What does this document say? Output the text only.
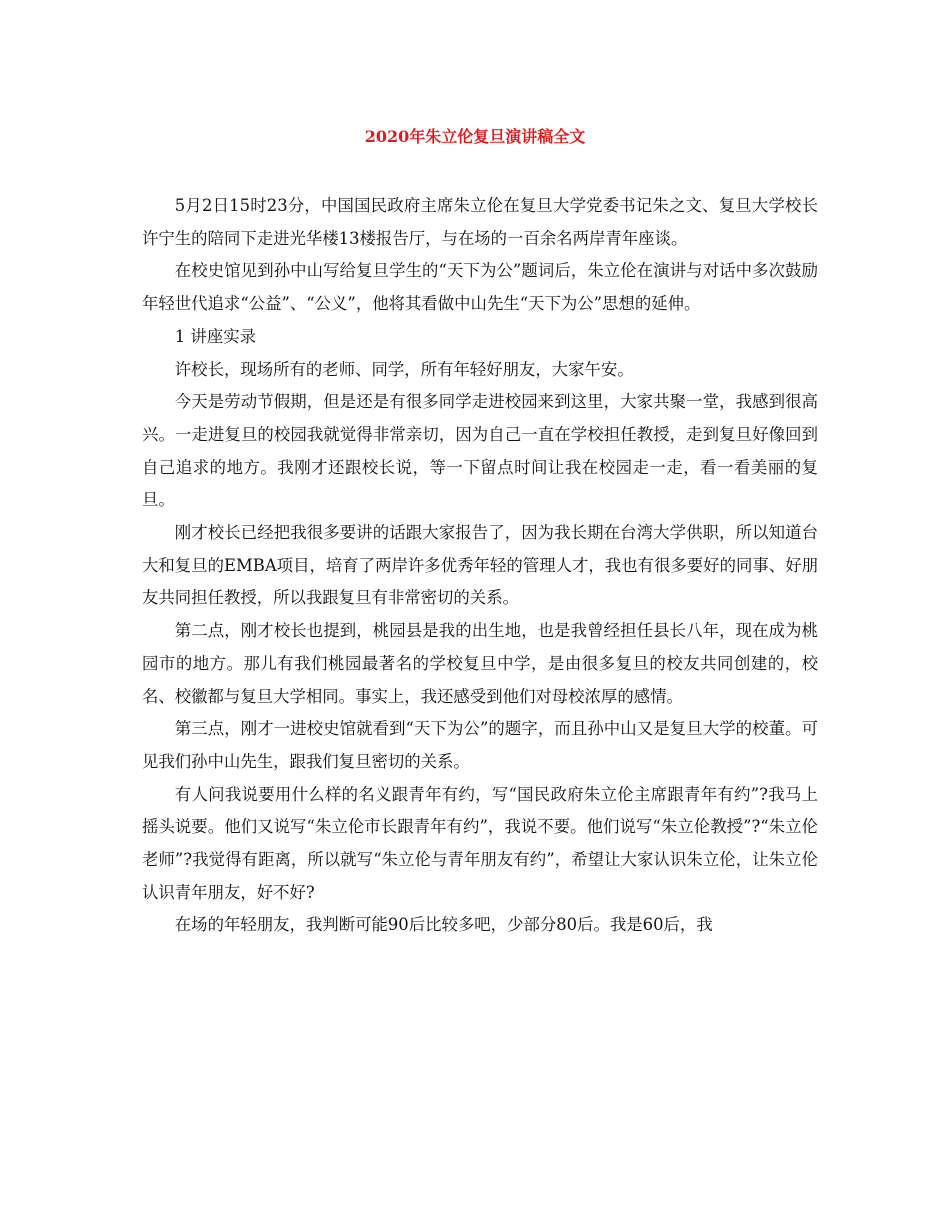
2020年朱立伦复旦演讲稿全文

5月2日15时23分，中国国民政府主席朱立伦在复旦大学党委书记朱之文、复旦大学校长许宁生的陪同下走进光华楼13楼报告厅，与在场的一百余名两岸青年座谈。

在校史馆见到孙中山写给复旦学生的“天下为公”题词后，朱立伦在演讲与对话中多次鼓励年轻世代追求“公益”、“公义”，他将其看做中山先生“天下为公”思想的延伸。

1 讲座实录

许校长，现场所有的老师、同学，所有年轻好朋友，大家午安。

今天是劳动节假期，但是还是有很多同学走进校园来到这里，大家共聚一堂，我感到很高兴。一走进复旦的校园我就觉得非常亲切，因为自己一直在学校担任教授，走到复旦好像回到自己追求的地方。我刚才还跟校长说，等一下留点时间让我在校园走一走，看一看美丽的复旦。

刚才校长已经把我很多要讲的话跟大家报告了，因为我长期在台湾大学供职，所以知道台大和复旦的EMBA项目，培育了两岸许多优秀年轻的管理人才，我也有很多要好的同事、好朋友共同担任教授，所以我跟复旦有非常密切的关系。

第二点，刚才校长也提到，桃园县是我的出生地，也是我曾经担任县长八年，现在成为桃园市的地方。那儿有我们桃园最著名的学校复旦中学，是由很多复旦的校友共同创建的，校名、校徽都与复旦大学相同。事实上，我还感受到他们对母校浓厚的感情。

第三点，刚才一进校史馆就看到“天下为公”的题字，而且孙中山又是复旦大学的校董。可见我们孙中山先生，跟我们复旦密切的关系。

有人问我说要用什么样的名义跟青年有约，写“国民政府朱立伦主席跟青年有约”?我马上摇头说要。他们又说写“朱立伦市长跟青年有约”，我说不要。他们说写“朱立伦教授”?“朱立伦老师”?我觉得有距离，所以就写“朱立伦与青年朋友有约”，希望让大家认识朱立伦，让朱立伦认识青年朋友，好不好?

在场的年轻朋友，我判断可能90后比较多吧，少部分80后。我是60后，我
